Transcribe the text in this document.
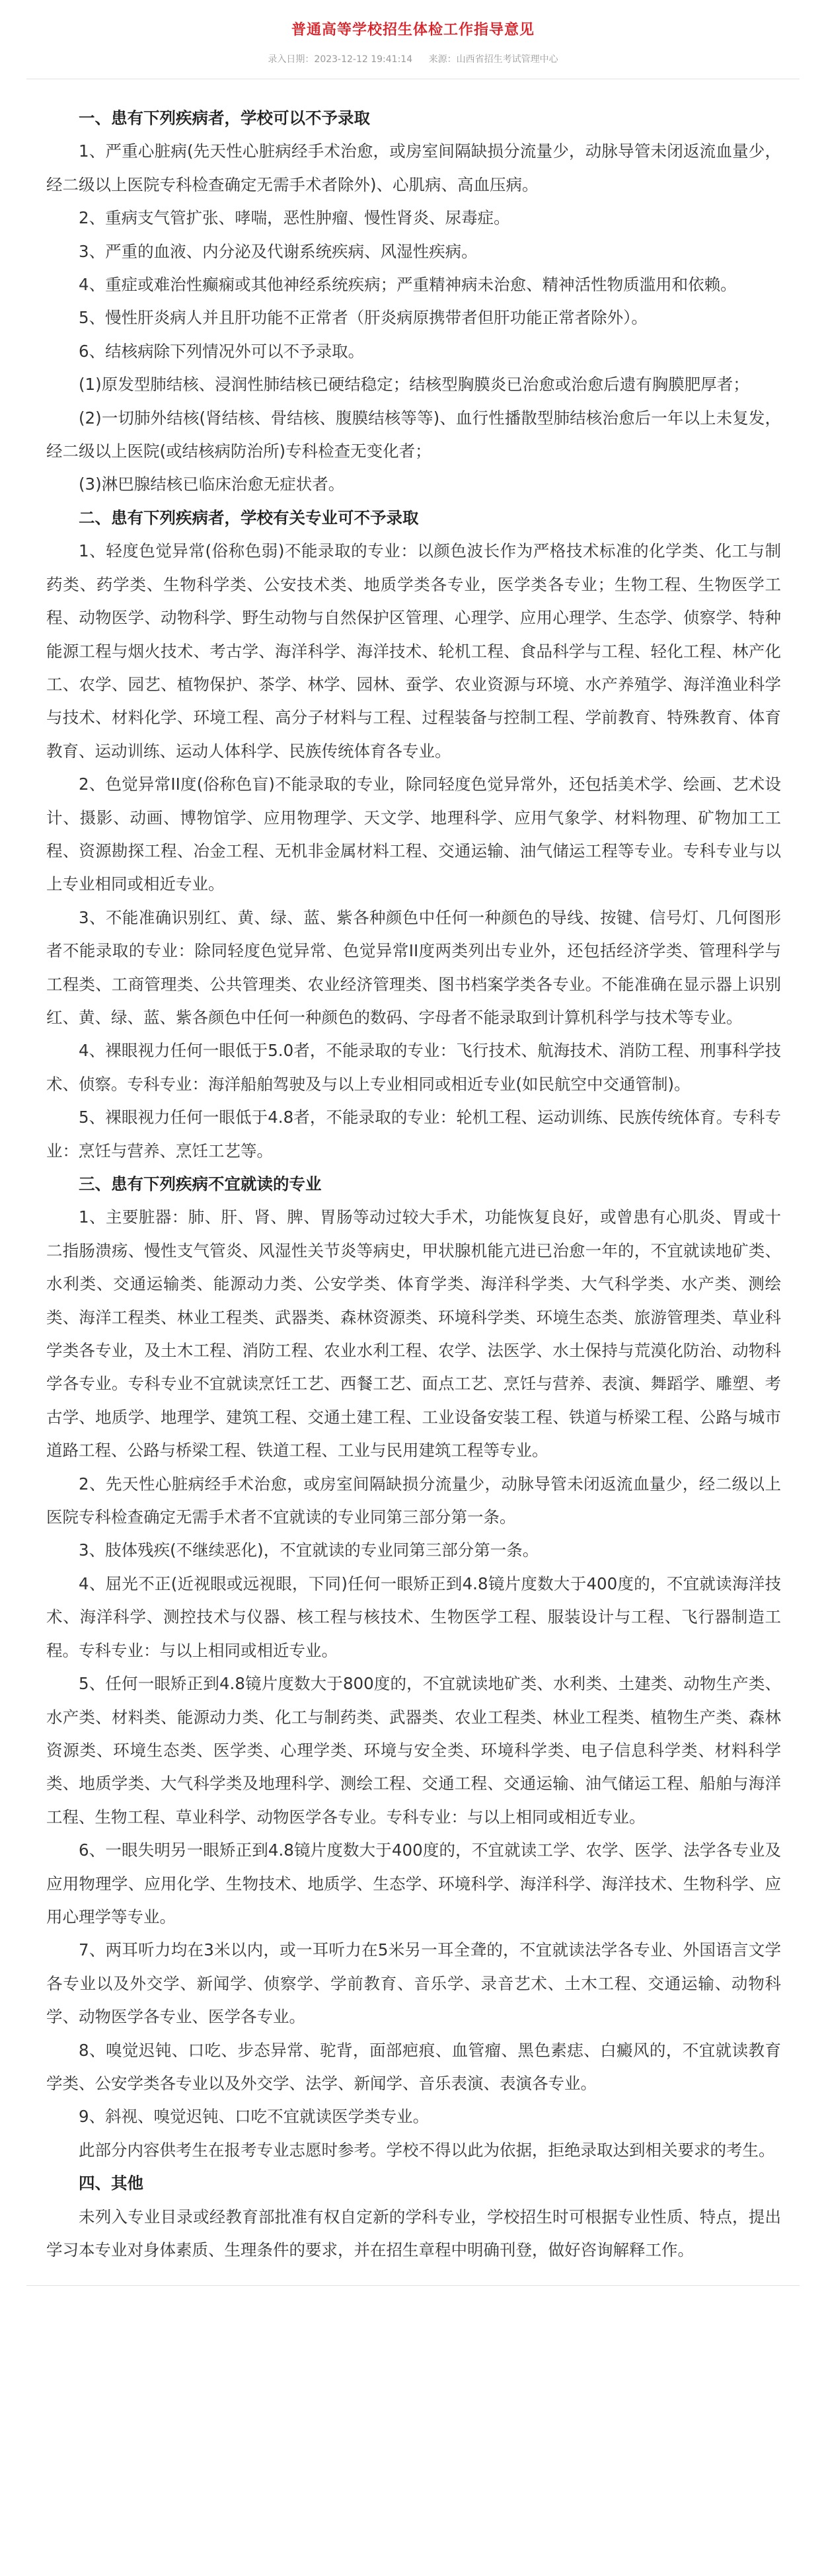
普通高等学校招生体检工作指导意见
录入日期：2023-12-12 19:41:14 来源：山西省招生考试管理中心

一、患有下列疾病者，学校可以不予录取

1、严重心脏病(先天性心脏病经手术治愈，或房室间隔缺损分流量少，动脉导管未闭返流血量少，经二级以上医院专科检查确定无需手术者除外)、心肌病、高血压病。

2、重病支气管扩张、哮喘，恶性肿瘤、慢性肾炎、尿毒症。

3、严重的血液、内分泌及代谢系统疾病、风湿性疾病。

4、重症或难治性癫痫或其他神经系统疾病；严重精神病未治愈、精神活性物质滥用和依赖。

5、慢性肝炎病人并且肝功能不正常者（肝炎病原携带者但肝功能正常者除外）。

6、结核病除下列情况外可以不予录取。

(1)原发型肺结核、浸润性肺结核已硬结稳定；结核型胸膜炎已治愈或治愈后遗有胸膜肥厚者；

(2)一切肺外结核(肾结核、骨结核、腹膜结核等等)、血行性播散型肺结核治愈后一年以上未复发，经二级以上医院(或结核病防治所)专科检查无变化者；

(3)淋巴腺结核已临床治愈无症状者。

二、患有下列疾病者，学校有关专业可不予录取

1、轻度色觉异常(俗称色弱)不能录取的专业：以颜色波长作为严格技术标准的化学类、化工与制药类、药学类、生物科学类、公安技术类、地质学类各专业，医学类各专业；生物工程、生物医学工程、动物医学、动物科学、野生动物与自然保护区管理、心理学、应用心理学、生态学、侦察学、特种能源工程与烟火技术、考古学、海洋科学、海洋技术、轮机工程、食品科学与工程、轻化工程、林产化工、农学、园艺、植物保护、茶学、林学、园林、蚕学、农业资源与环境、水产养殖学、海洋渔业科学与技术、材料化学、环境工程、高分子材料与工程、过程装备与控制工程、学前教育、特殊教育、体育教育、运动训练、运动人体科学、民族传统体育各专业。

2、色觉异常II度(俗称色盲)不能录取的专业，除同轻度色觉异常外，还包括美术学、绘画、艺术设计、摄影、动画、博物馆学、应用物理学、天文学、地理科学、应用气象学、材料物理、矿物加工工程、资源勘探工程、冶金工程、无机非金属材料工程、交通运输、油气储运工程等专业。专科专业与以上专业相同或相近专业。

3、不能准确识别红、黄、绿、蓝、紫各种颜色中任何一种颜色的导线、按键、信号灯、几何图形者不能录取的专业：除同轻度色觉异常、色觉异常II度两类列出专业外，还包括经济学类、管理科学与工程类、工商管理类、公共管理类、农业经济管理类、图书档案学类各专业。不能准确在显示器上识别红、黄、绿、蓝、紫各颜色中任何一种颜色的数码、字母者不能录取到计算机科学与技术等专业。

4、裸眼视力任何一眼低于5.0者，不能录取的专业：飞行技术、航海技术、消防工程、刑事科学技术、侦察。专科专业：海洋船舶驾驶及与以上专业相同或相近专业(如民航空中交通管制)。

5、裸眼视力任何一眼低于4.8者，不能录取的专业：轮机工程、运动训练、民族传统体育。专科专业：烹饪与营养、烹饪工艺等。

三、患有下列疾病不宜就读的专业

1、主要脏器：肺、肝、肾、脾、胃肠等动过较大手术，功能恢复良好，或曾患有心肌炎、胃或十二指肠溃疡、慢性支气管炎、风湿性关节炎等病史，甲状腺机能亢进已治愈一年的，不宜就读地矿类、水利类、交通运输类、能源动力类、公安学类、体育学类、海洋科学类、大气科学类、水产类、测绘类、海洋工程类、林业工程类、武器类、森林资源类、环境科学类、环境生态类、旅游管理类、草业科学类各专业，及土木工程、消防工程、农业水利工程、农学、法医学、水土保持与荒漠化防治、动物科学各专业。专科专业不宜就读烹饪工艺、西餐工艺、面点工艺、烹饪与营养、表演、舞蹈学、雕塑、考古学、地质学、地理学、建筑工程、交通土建工程、工业设备安装工程、铁道与桥梁工程、公路与城市道路工程、公路与桥梁工程、铁道工程、工业与民用建筑工程等专业。

2、先天性心脏病经手术治愈，或房室间隔缺损分流量少，动脉导管未闭返流血量少，经二级以上医院专科检查确定无需手术者不宜就读的专业同第三部分第一条。

3、肢体残疾(不继续恶化)，不宜就读的专业同第三部分第一条。

4、屈光不正(近视眼或远视眼，下同)任何一眼矫正到4.8镜片度数大于400度的，不宜就读海洋技术、海洋科学、测控技术与仪器、核工程与核技术、生物医学工程、服装设计与工程、飞行器制造工程。专科专业：与以上相同或相近专业。

5、任何一眼矫正到4.8镜片度数大于800度的，不宜就读地矿类、水利类、土建类、动物生产类、水产类、材料类、能源动力类、化工与制药类、武器类、农业工程类、林业工程类、植物生产类、森林资源类、环境生态类、医学类、心理学类、环境与安全类、环境科学类、电子信息科学类、材料科学类、地质学类、大气科学类及地理科学、测绘工程、交通工程、交通运输、油气储运工程、船舶与海洋工程、生物工程、草业科学、动物医学各专业。专科专业：与以上相同或相近专业。

6、一眼失明另一眼矫正到4.8镜片度数大于400度的，不宜就读工学、农学、医学、法学各专业及应用物理学、应用化学、生物技术、地质学、生态学、环境科学、海洋科学、海洋技术、生物科学、应用心理学等专业。

7、两耳听力均在3米以内，或一耳听力在5米另一耳全聋的，不宜就读法学各专业、外国语言文学各专业以及外交学、新闻学、侦察学、学前教育、音乐学、录音艺术、土木工程、交通运输、动物科学、动物医学各专业、医学各专业。

8、嗅觉迟钝、口吃、步态异常、驼背，面部疤痕、血管瘤、黑色素痣、白癜风的，不宜就读教育学类、公安学类各专业以及外交学、法学、新闻学、音乐表演、表演各专业。

9、斜视、嗅觉迟钝、口吃不宜就读医学类专业。

此部分内容供考生在报考专业志愿时参考。学校不得以此为依据，拒绝录取达到相关要求的考生。

四、其他

未列入专业目录或经教育部批准有权自定新的学科专业，学校招生时可根据专业性质、特点，提出学习本专业对身体素质、生理条件的要求，并在招生章程中明确刊登，做好咨询解释工作。
